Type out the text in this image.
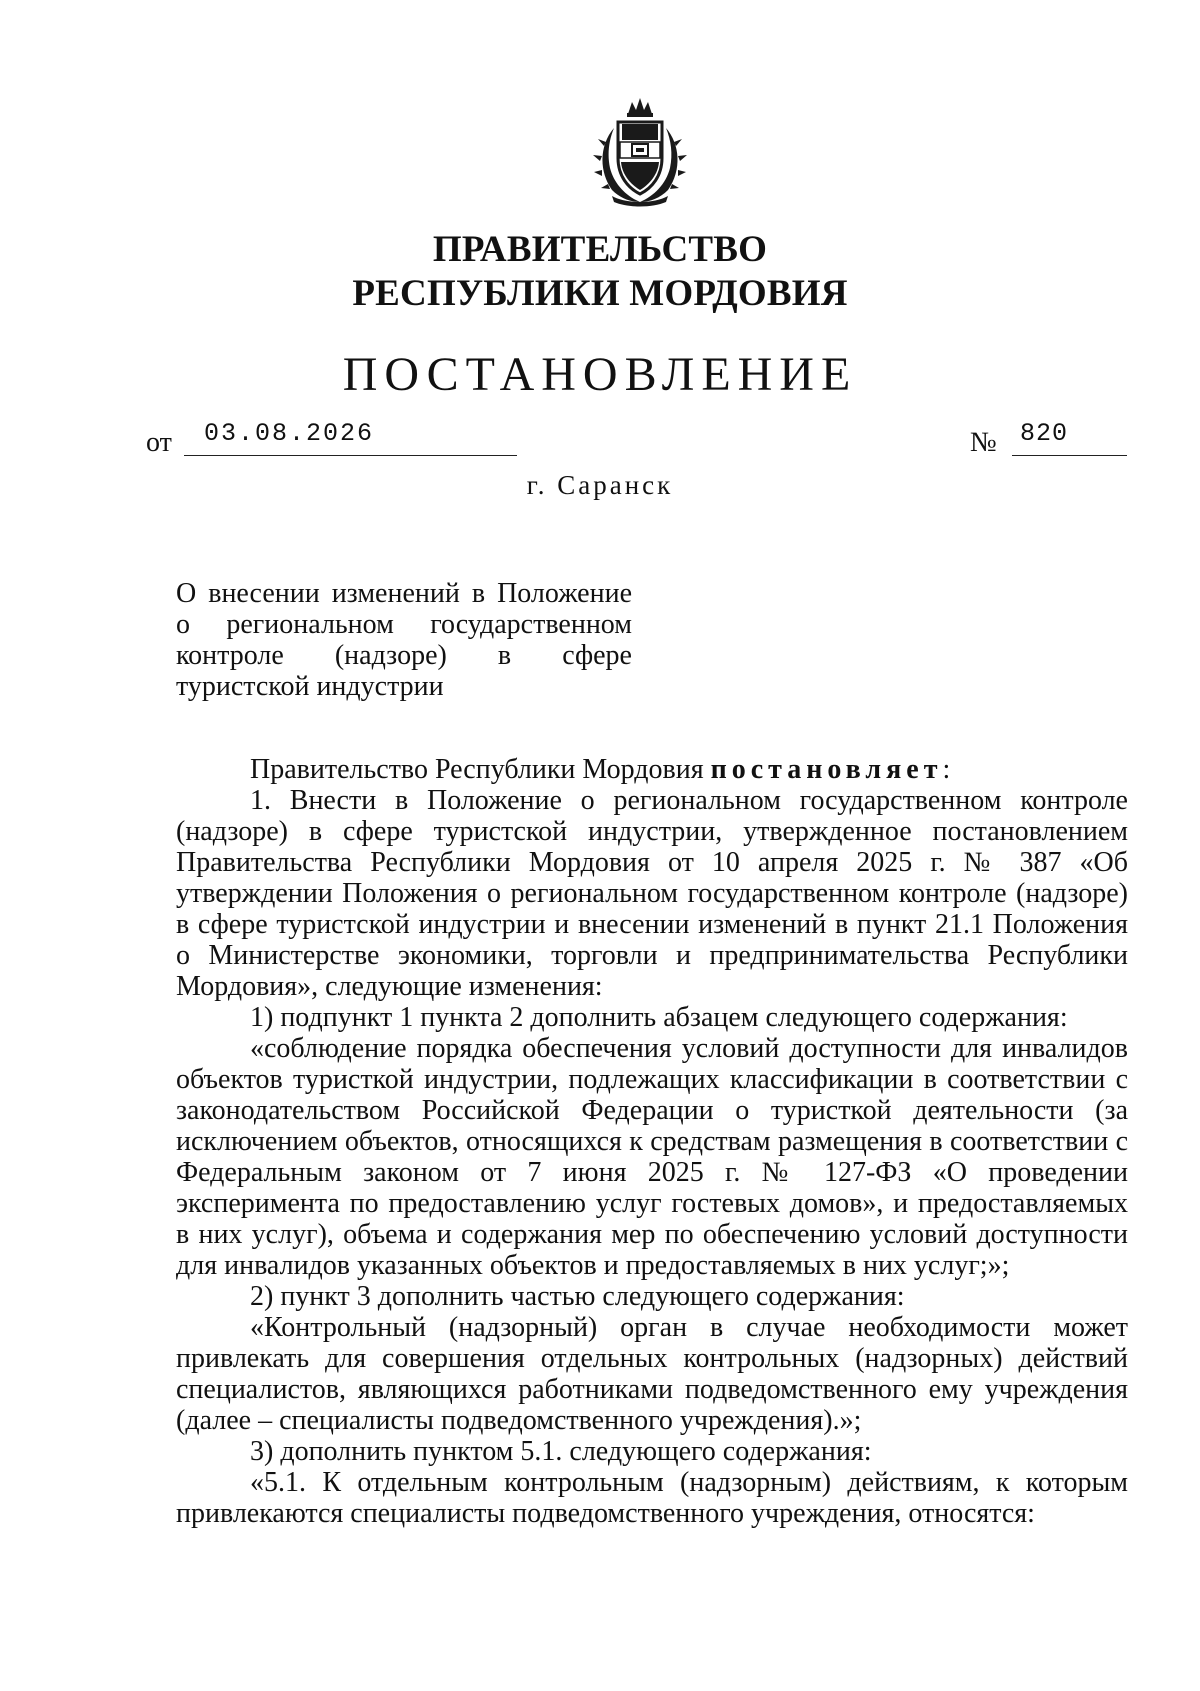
ПРАВИТЕЛЬСТВО
РЕСПУБЛИКИ МОРДОВИЯ
ПОСТАНОВЛЕНИЕ
от	03.08.2026	№ 820
г. Саранск
О внесении изменений в Положение
о региональном государственном
контроле (надзоре) в сфере
туристской индустрии

Правительство Республики Мордовия постановляет:

1. Внести в Положение о региональном государственном контроле (надзоре) в сфере туристской индустрии, утвержденное постановлением Правительства Республики Мордовия от 10 апреля 2025 г. № 387 «Об утверждении Положения о региональном государственном контроле (надзоре) в сфере туристской индустрии и внесении изменений в пункт 21.1 Положения о Министерстве экономики, торговли и предпринимательства Республики Мордовия», следующие изменения:

1) подпункт 1 пункта 2 дополнить абзацем следующего содержания:

«соблюдение порядка обеспечения условий доступности для инвалидов объектов туристкой индустрии, подлежащих классификации в соответствии с законодательством Российской Федерации о туристкой деятельности (за исключением объектов, относящихся к средствам размещения в соответствии с Федеральным законом от 7 июня 2025 г. № 127-ФЗ «О проведении эксперимента по предоставлению услуг гостевых домов», и предоставляемых в них услуг), объема и содержания мер по обеспечению условий доступности для инвалидов указанных объектов и предоставляемых в них услуг;»;

2) пункт 3 дополнить частью следующего содержания:

«Контрольный (надзорный) орган в случае необходимости может привлекать для совершения отдельных контрольных (надзорных) действий специалистов, являющихся работниками подведомственного ему учреждения (далее – специалисты подведомственного учреждения).»;

3) дополнить пунктом 5.1. следующего содержания:

«5.1. К отдельным контрольным (надзорным) действиям, к которым привлекаются специалисты подведомственного учреждения, относятся:
